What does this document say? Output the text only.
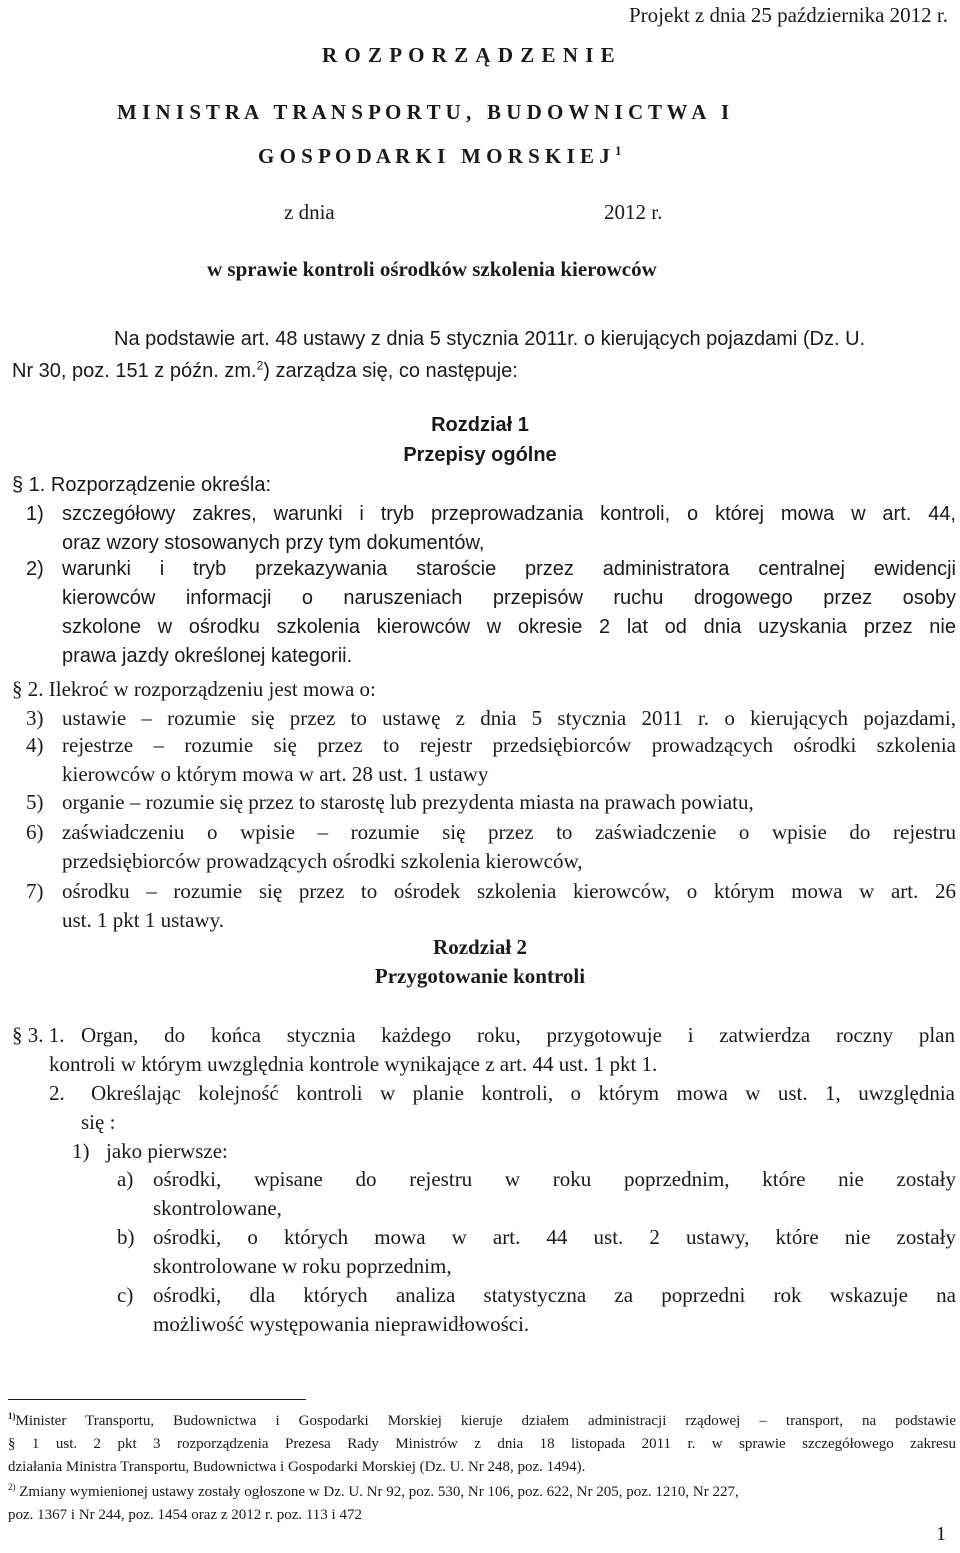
Projekt z dnia 25 października 2012 r.
R O Z P O R Z Ą D Z E N I E
M I N I S T R A   T R A N S P O R T U ,   B U D O W N I C T W A   I
G O S P O D A R K I   M O R S K I E J $^1$
z dnia	2012 r.
w sprawie kontroli ośrodków szkolenia kierowców
Na podstawie art. 48 ustawy z dnia 5 stycznia 2011r. o kierujących pojazdami (Dz. U.
Nr 30, poz. 151 z późn. zm.$^2$) zarządza się, co następuje:
Rozdział 1
Przepisy ogólne
§ 1. Rozporządzenie określa:
1) szczegółowy zakres, warunki i tryb przeprowadzania kontroli, o której mowa w art. 44,
oraz wzory stosowanych przy tym dokumentów,
2) warunki i tryb przekazywania staroście przez administratora centralnej ewidencji
kierowców informacji o naruszeniach przepisów ruchu drogowego przez osoby
szkolone w ośrodku szkolenia kierowców w okresie 2 lat od dnia uzyskania przez nie
prawa jazdy określonej kategorii.
§ 2. Ilekroć w rozporządzeniu jest mowa o:
3) ustawie – rozumie się przez to ustawę z dnia 5 stycznia 2011 r. o kierujących pojazdami,
4) rejestrze – rozumie się przez to rejestr przedsiębiorców prowadzących ośrodki szkolenia
kierowców o którym mowa w art. 28 ust. 1 ustawy
5) organie – rozumie się przez to starostę lub prezydenta miasta na prawach powiatu,
6) zaświadczeniu o wpisie – rozumie się przez to zaświadczenie o wpisie do rejestru
przedsiębiorców prowadzących ośrodki szkolenia kierowców,
7) ośrodku – rozumie się przez to ośrodek szkolenia kierowców, o którym mowa w art. 26
ust. 1 pkt 1 ustawy.
Rozdział 2
Przygotowanie kontroli
§ 3. 1. Organ, do końca stycznia każdego roku, przygotowuje i zatwierdza roczny plan
kontroli w którym uwzględnia kontrole wynikające z art. 44 ust. 1 pkt 1.
2. Określając kolejność kontroli w planie kontroli, o którym mowa w ust. 1, uwzględnia
się :
1) jako pierwsze:
a) ośrodki, wpisane do rejestru w roku poprzednim, które nie zostały
skontrolowane,
b) ośrodki, o których mowa w art. 44 ust. 2 ustawy, które nie zostały
skontrolowane w roku poprzednim,
c) ośrodki, dla których analiza statystyczna za poprzedni rok wskazuje na
możliwość występowania nieprawidłowości.
$^{1)}$Minister Transportu, Budownictwa i Gospodarki Morskiej kieruje działem administracji rządowej – transport, na podstawie
§ 1 ust. 2 pkt 3 rozporządzenia Prezesa Rady Ministrów z dnia 18 listopada 2011 r. w sprawie szczegółowego zakresu
działania Ministra Transportu, Budownictwa i Gospodarki Morskiej (Dz. U. Nr 248, poz. 1494).
$^{2)}$ Zmiany wymienionej ustawy zostały ogłoszone w Dz. U. Nr 92, poz. 530, Nr 106, poz. 622, Nr 205, poz. 1210, Nr 227,
poz. 1367 i Nr 244, poz. 1454 oraz z 2012 r. poz. 113 i 472
1
